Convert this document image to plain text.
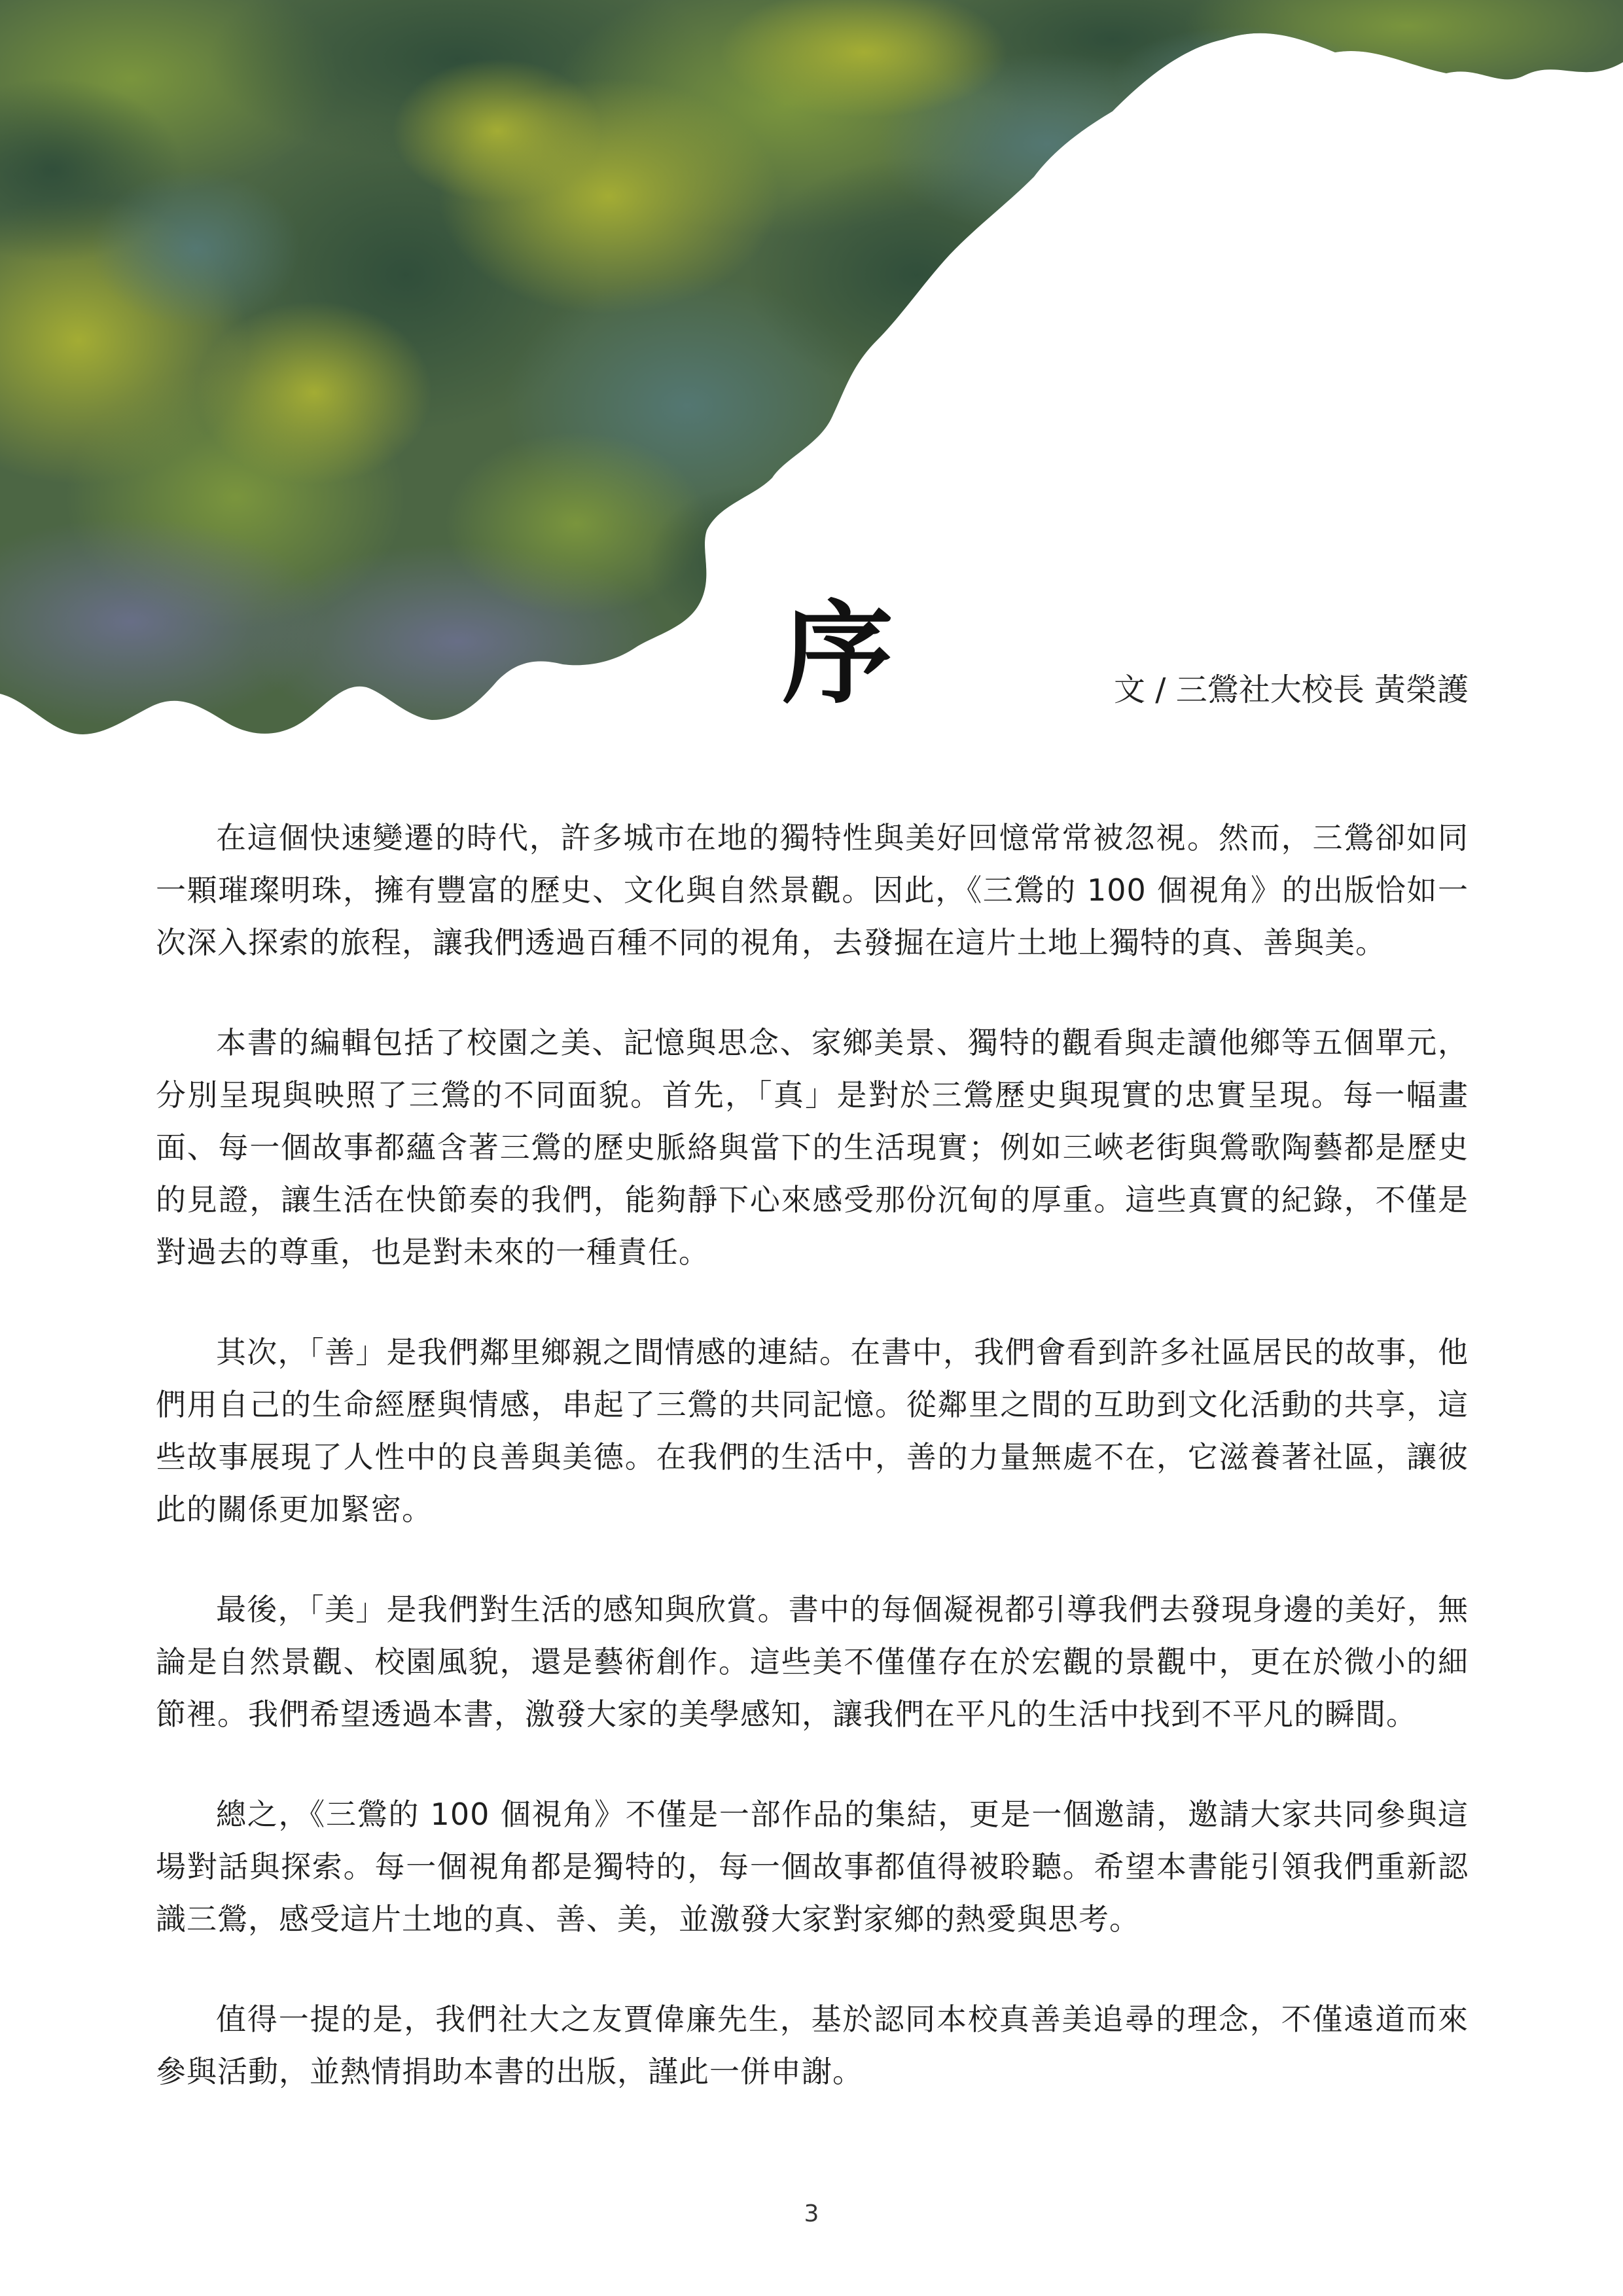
序	文 / 三鶯社大校長 黃榮護

在這個快速變遷的時代，許多城市在地的獨特性與美好回憶常常被忽視。然而，三鶯卻如同一顆璀璨明珠，擁有豐富的歷史、文化與自然景觀。因此，《三鶯的 100 個視角》的出版恰如一次深入探索的旅程，讓我們透過百種不同的視角，去發掘在這片土地上獨特的真、善與美。

本書的編輯包括了校園之美、記憶與思念、家鄉美景、獨特的觀看與走讀他鄉等五個單元，分別呈現與映照了三鶯的不同面貌。首先，「真」是對於三鶯歷史與現實的忠實呈現。每一幅畫面、每一個故事都蘊含著三鶯的歷史脈絡與當下的生活現實；例如三峽老街與鶯歌陶藝都是歷史的見證，讓生活在快節奏的我們，能夠靜下心來感受那份沉甸的厚重。這些真實的紀錄，不僅是對過去的尊重，也是對未來的一種責任。

其次，「善」是我們鄰里鄉親之間情感的連結。在書中，我們會看到許多社區居民的故事，他們用自己的生命經歷與情感，串起了三鶯的共同記憶。從鄰里之間的互助到文化活動的共享，這些故事展現了人性中的良善與美德。在我們的生活中，善的力量無處不在，它滋養著社區，讓彼此的關係更加緊密。

最後，「美」是我們對生活的感知與欣賞。書中的每個凝視都引導我們去發現身邊的美好，無論是自然景觀、校園風貌，還是藝術創作。這些美不僅僅存在於宏觀的景觀中，更在於微小的細節裡。我們希望透過本書，激發大家的美學感知，讓我們在平凡的生活中找到不平凡的瞬間。

總之，《三鶯的 100 個視角》不僅是一部作品的集結，更是一個邀請，邀請大家共同參與這場對話與探索。每一個視角都是獨特的，每一個故事都值得被聆聽。希望本書能引領我們重新認識三鶯，感受這片土地的真、善、美，並激發大家對家鄉的熱愛與思考。

值得一提的是，我們社大之友賈偉廉先生，基於認同本校真善美追尋的理念，不僅遠道而來參與活動，並熱情捐助本書的出版，謹此一併申謝。

3
